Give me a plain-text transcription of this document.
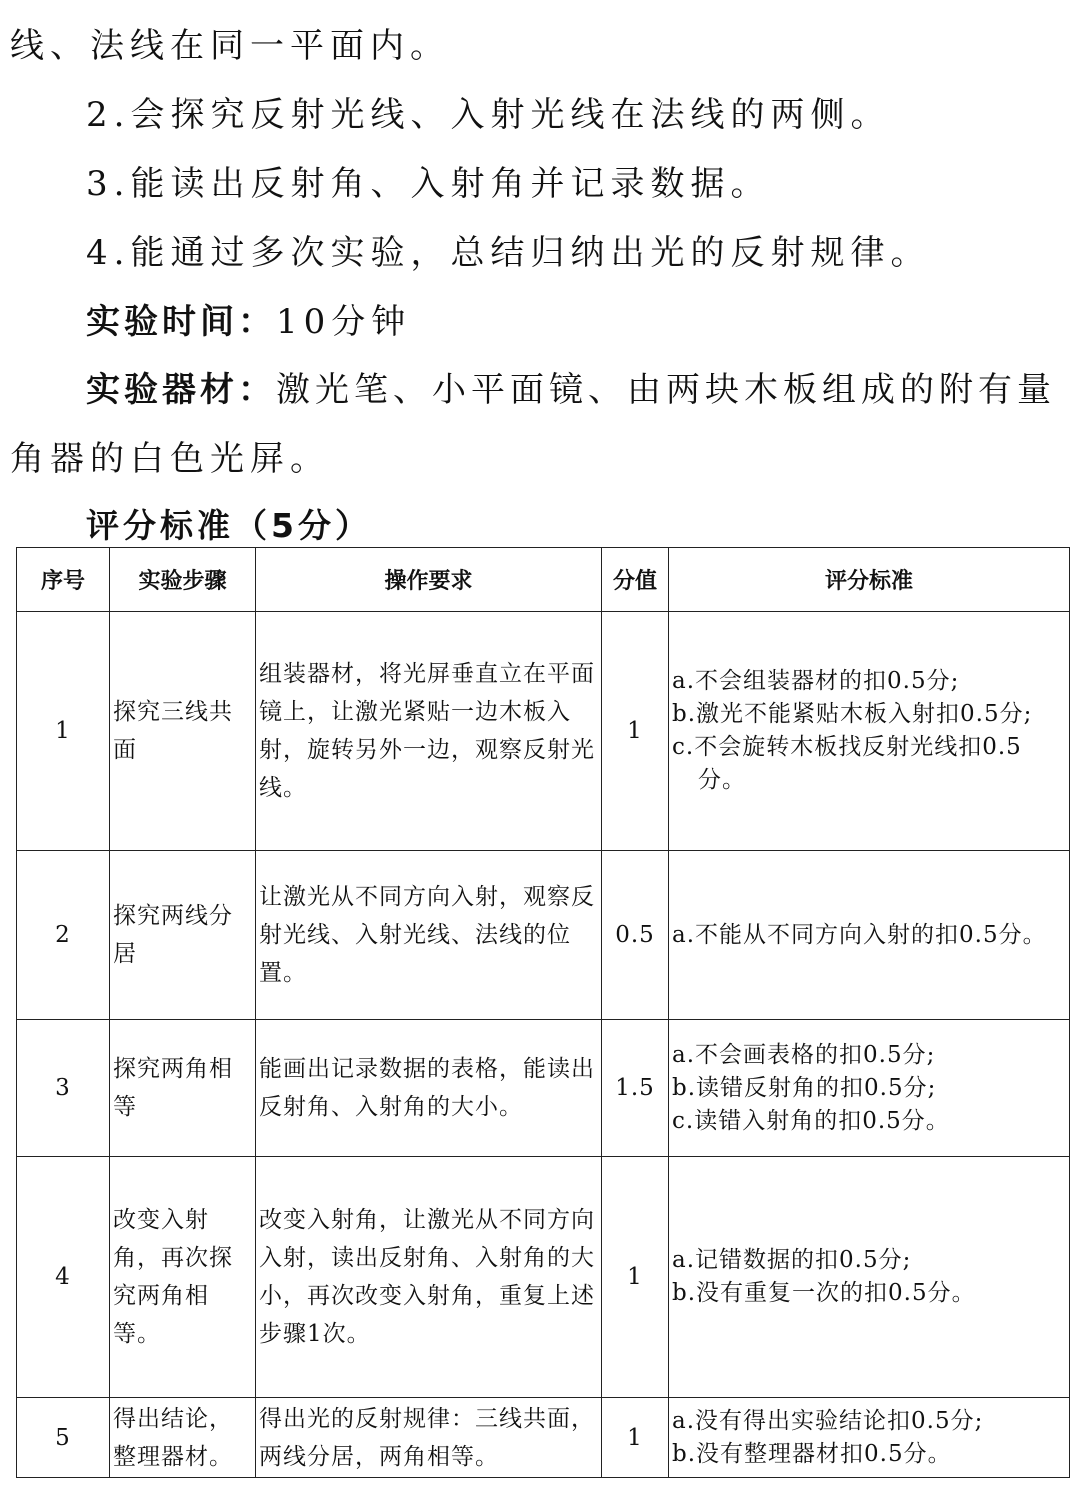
线、法线在同一平面内。
2.会探究反射光线、入射光线在法线的两侧。
3.能读出反射角、入射角并记录数据。
4.能通过多次实验，总结归纳出光的反射规律。
实验时间：10分钟
实验器材：激光笔、小平面镜、由两块木板组成的附有量
角器的白色光屏。
评分标准（5分）
序号	实验步骤	操作要求	分值	评分标准
1	探究三线共面	组装器材，将光屏垂直立在平面镜上，让激光紧贴一边木板入射，旋转另外一边，观察反射光线。	1	a.不会组装器材的扣0.5分;
b.激光不能紧贴木板入射扣0.5分;
c.不会旋转木板找反射光线扣0.5分。

2	探究两线分居	让激光从不同方向入射，观察反射光线、入射光线、法线的位置。	0.5	a.不能从不同方向入射的扣0.5分。

3	探究两角相等	能画出记录数据的表格，能读出反射角、入射角的大小。	1.5	a.不会画表格的扣0.5分;
b.读错反射角的扣0.5分;
c.读错入射角的扣0.5分。

4	改变入射角，再次探究两角相等。	改变入射角，让激光从不同方向入射，读出反射角、入射角的大小，再次改变入射角，重复上述步骤1次。	1	a.记错数据的扣0.5分;
b.没有重复一次的扣0.5分。

5	得出结论，整理器材。	得出光的反射规律：三线共面，两线分居，两角相等。	1	a.没有得出实验结论扣0.5分;
b.没有整理器材扣0.5分。
